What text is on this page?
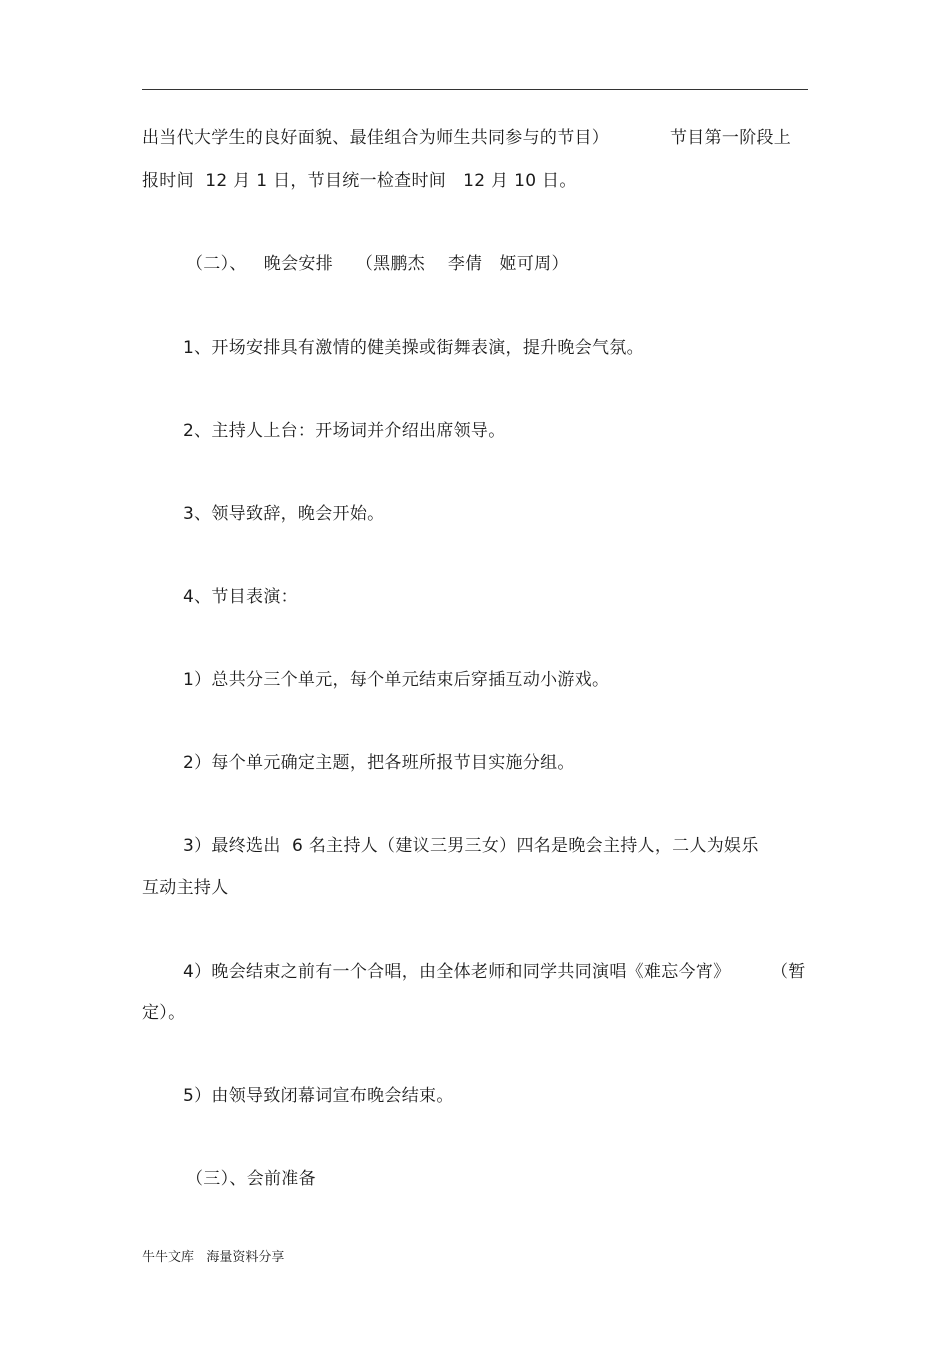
出当代大学生的良好面貌、最佳组合为师生共同参与的节目）	节目第一阶段上
报时间  12 月 1 日，节目统一检查时间   12 月 10 日。
（二）、   晚会安排    （黑鹏杰    李倩   姬可周）
1、开场安排具有激情的健美操或街舞表演，提升晚会气氛。
2、主持人上台：开场词并介绍出席领导。
3、领导致辞，晚会开始。
4、节目表演：
1）总共分三个单元，每个单元结束后穿插互动小游戏。
2）每个单元确定主题，把各班所报节目实施分组。
3）最终选出  6 名主持人（建议三男三女）四名是晚会主持人，二人为娱乐
互动主持人
4）晚会结束之前有一个合唱，由全体老师和同学共同演唱《难忘今宵》 （暂
定）。
5）由领导致闭幕词宣布晚会结束。
（三）、会前准备
牛牛文库   海量资料分享
